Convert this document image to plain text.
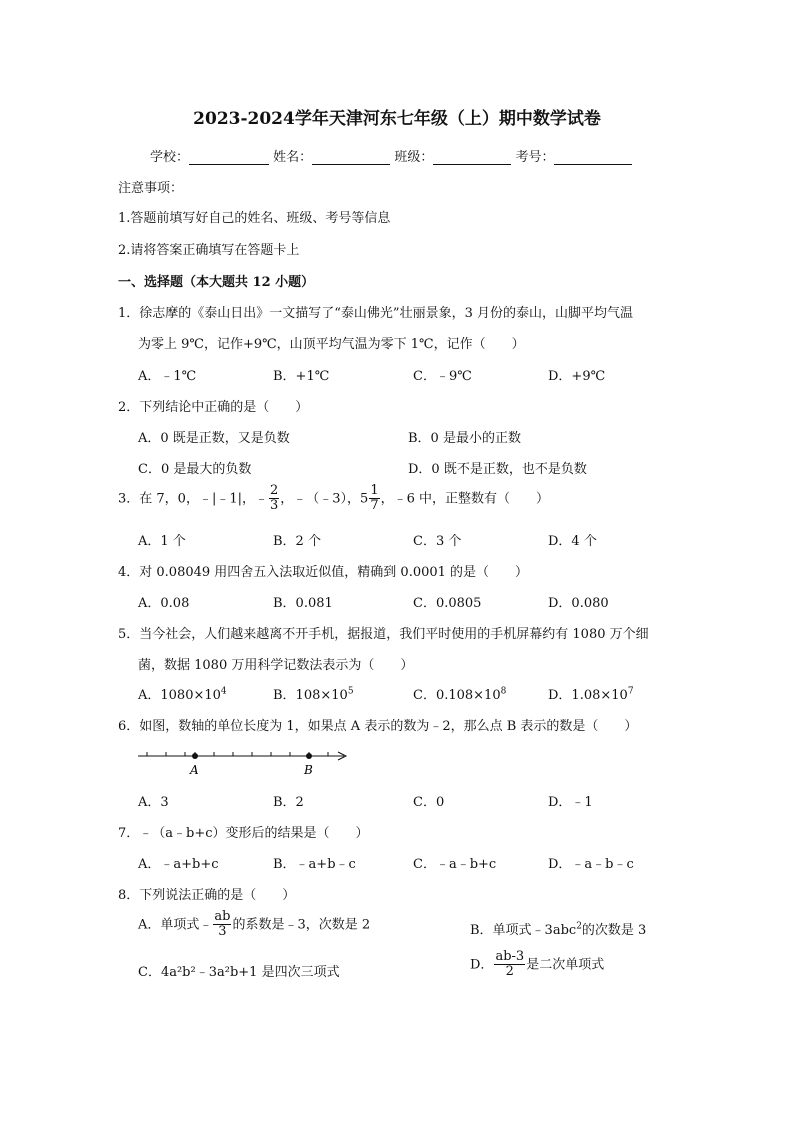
2023-2024学年天津河东七年级（上）期中数学试卷
学校：	姓名：	班级：	考号：
注意事项：
1.答题前填写好自己的姓名、班级、考号等信息
2.请将答案正确填写在答题卡上
一、选择题（本大题共 12 小题）
1．徐志摩的《泰山日出》一文描写了“泰山佛光”壮丽景象，3 月份的泰山，山脚平均气温
为零上 9℃，记作+9℃，山顶平均气温为零下 1℃，记作（　　）
A．﹣1℃	B．+1℃	C．﹣9℃	D．+9℃
2．下列结论中正确的是（　　）
A．0 既是正数，又是负数	B．0 是最小的正数
C．0 是最大的负数	D．0 既不是正数，也不是负数
3．在 7，0，﹣|﹣1|，﹣ $\frac{2}{3}$ ，﹣（﹣3），$5 \frac{1}{7}$ ，﹣6 中，正整数有（　　）
A．1 个	B．2 个	C．3 个	D．4 个
4．对 0.08049 用四舍五入法取近似值，精确到 0.0001 的是（　　）
A．0.08	B．0.081	C．0.0805	D．0.080
5．当今社会，人们越来越离不开手机，据报道，我们平时使用的手机屏幕约有 1080 万个细
菌，数据 1080 万用科学记数法表示为（　　）
A．$1080\times 10^4$	B．$108\times 10^5$	C．$0.108\times 10^8$	D．$1.08\times 10^7$
6．如图，数轴的单位长度为 1，如果点 A 表示的数为﹣2，那么点 B 表示的数是（　　）
A	B
A．3	B．2	C．0	D．﹣1
7．﹣（a﹣b+c）变形后的结果是（　　）
A．﹣a+b+c	B．﹣a+b﹣c	C．﹣a﹣b+c	D．﹣a﹣b﹣c
8．下列说法正确的是（　　）
A．单项式﹣ $\frac{ab}{3}$ 的系数是﹣3，次数是 2	B．单项式﹣3abc$^2$的次数是 3
C．4a²b²﹣3a²b+1 是四次三项式
D． $\frac{ab-3}{2}$ 是二次单项式
